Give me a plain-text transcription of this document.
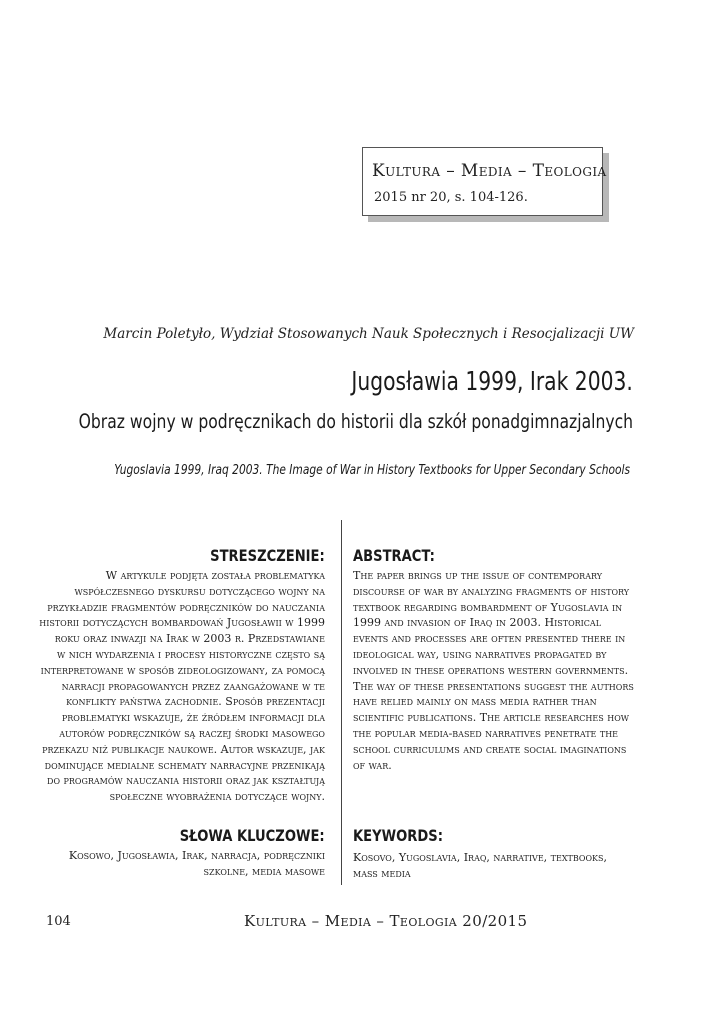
Kultura – Media – Teologia
2015 nr 20, s. 104-126.
Marcin Poletyło, Wydział Stosowanych Nauk Społecznych i Resocjalizacji UW
Jugosławia 1999, Irak 2003.
Obraz wojny w podręcznikach do historii dla szkół ponadgimnazjalnych
Yugoslavia 1999, Iraq 2003. The Image of War in History Textbooks for Upper Secondary Schools
STRESZCZENIE:
W artykule podjęta została problematyka
współczesnego dyskursu dotyczącego wojny na
przykładzie fragmentów podręczników do nauczania
historii dotyczących bombardowań Jugosławii w 1999
roku oraz inwazji na Irak w 2003 r. Przedstawiane
w nich wydarzenia i procesy historyczne często są
interpretowane w sposób zideologizowany, za pomocą
narracji propagowanych przez zaangażowane w te
konflikty państwa zachodnie. Sposób prezentacji
problematyki wskazuje, że źródłem informacji dla
autorów podręczników są raczej środki masowego
przekazu niż publikacje naukowe. Autor wskazuje, jak
dominujące medialne schematy narracyjne przenikają
do programów nauczania historii oraz jak kształtują
społeczne wyobrażenia dotyczące wojny.
ABSTRACT:
The paper brings up the issue of contemporary
discourse of war by analyzing fragments of history
textbook regarding bombardment of Yugoslavia in
1999 and invasion of Iraq in 2003. Historical
events and processes are often presented there in
ideological way, using narratives propagated by
involved in these operations western governments.
The way of these presentations suggest the authors
have relied mainly on mass media rather than
scientific publications. The article researches how
the popular media-based narratives penetrate the
school curriculums and create social imaginations
of war.
SŁOWA KLUCZOWE:
Kosowo, Jugosławia, Irak, narracja, podręczniki
szkolne, media masowe
KEYWORDS:
Kosovo, Yugoslavia, Iraq, narrative, textbooks,
mass media
104	Kultura – Media – Teologia 20/2015
